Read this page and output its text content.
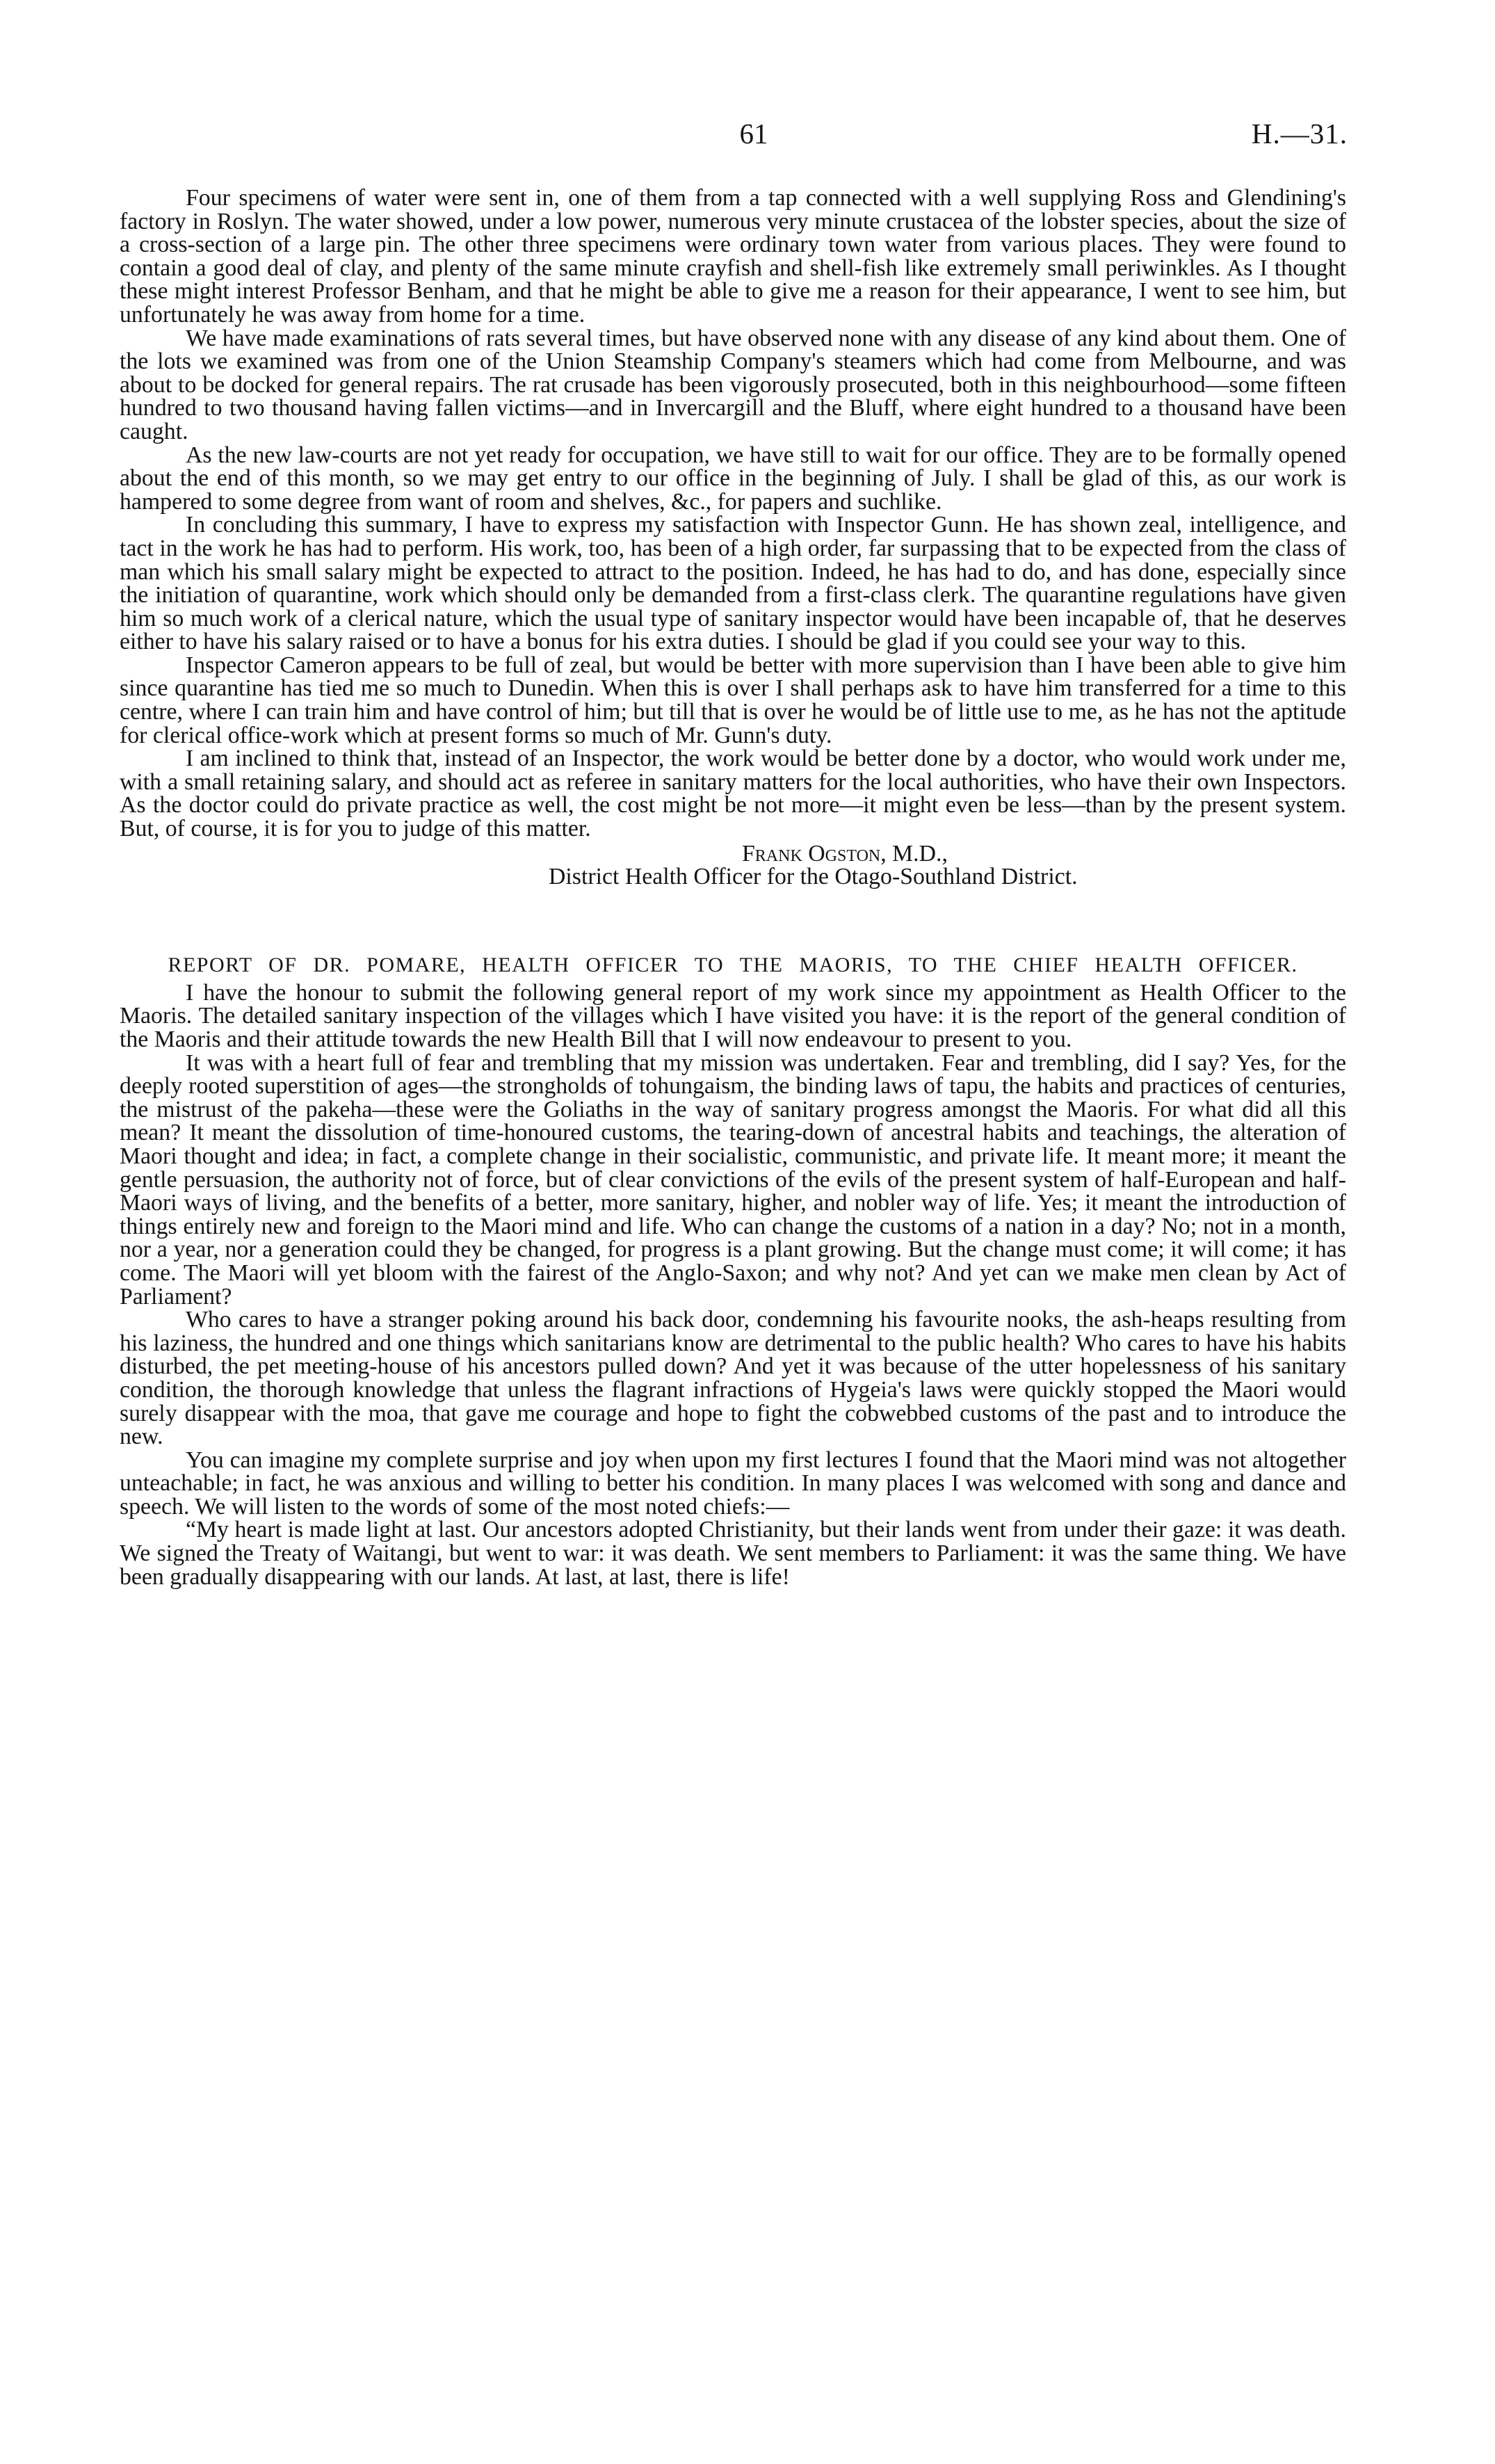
61	H.—31.

Four specimens of water were sent in, one of them from a tap connected with a well supplying Ross and Glendining's factory in Roslyn. The water showed, under a low power, numerous very minute crustacea of the lobster species, about the size of a cross-section of a large pin. The other three specimens were ordinary town water from various places. They were found to contain a good deal of clay, and plenty of the same minute crayfish and shell-fish like extremely small periwinkles. As I thought these might interest Professor Benham, and that he might be able to give me a reason for their appearance, I went to see him, but unfortunately he was away from home for a time.

We have made examinations of rats several times, but have observed none with any disease of any kind about them. One of the lots we examined was from one of the Union Steamship Company's steamers which had come from Melbourne, and was about to be docked for general repairs. The rat crusade has been vigorously prosecuted, both in this neighbourhood—some fifteen hundred to two thousand having fallen victims—and in Invercargill and the Bluff, where eight hundred to a thousand have been caught.

As the new law-courts are not yet ready for occupation, we have still to wait for our office. They are to be formally opened about the end of this month, so we may get entry to our office in the beginning of July. I shall be glad of this, as our work is hampered to some degree from want of room and shelves, &c., for papers and suchlike.

In concluding this summary, I have to express my satisfaction with Inspector Gunn. He has shown zeal, intelligence, and tact in the work he has had to perform. His work, too, has been of a high order, far surpassing that to be expected from the class of man which his small salary might be expected to attract to the position. Indeed, he has had to do, and has done, especially since the initiation of quarantine, work which should only be demanded from a first-class clerk. The quarantine regulations have given him so much work of a clerical nature, which the usual type of sanitary inspector would have been incapable of, that he deserves either to have his salary raised or to have a bonus for his extra duties. I should be glad if you could see your way to this.

Inspector Cameron appears to be full of zeal, but would be better with more supervision than I have been able to give him since quarantine has tied me so much to Dunedin. When this is over I shall perhaps ask to have him transferred for a time to this centre, where I can train him and have control of him; but till that is over he would be of little use to me, as he has not the aptitude for clerical office-work which at present forms so much of Mr. Gunn's duty.

I am inclined to think that, instead of an Inspector, the work would be better done by a doctor, who would work under me, with a small retaining salary, and should act as referee in sanitary matters for the local authorities, who have their own Inspectors. As the doctor could do private practice as well, the cost might be not more—it might even be less—than by the present system. But, of course, it is for you to judge of this matter.

Frank Ogston, M.D.,
District Health Officer for the Otago-Southland District.
REPORT OF DR. POMARE, HEALTH OFFICER TO THE MAORIS, TO THE CHIEF HEALTH OFFICER.

I have the honour to submit the following general report of my work since my appointment as Health Officer to the Maoris. The detailed sanitary inspection of the villages which I have visited you have: it is the report of the general condition of the Maoris and their attitude towards the new Health Bill that I will now endeavour to present to you.

It was with a heart full of fear and trembling that my mission was undertaken. Fear and trembling, did I say? Yes, for the deeply rooted superstition of ages—the strongholds of tohungaism, the binding laws of tapu, the habits and practices of centuries, the mistrust of the pakeha—these were the Goliaths in the way of sanitary progress amongst the Maoris. For what did all this mean? It meant the dissolution of time-honoured customs, the tearing-down of ancestral habits and teachings, the alteration of Maori thought and idea; in fact, a complete change in their socialistic, communistic, and private life. It meant more; it meant the gentle persuasion, the authority not of force, but of clear convictions of the evils of the present system of half-European and half-Maori ways of living, and the benefits of a better, more sanitary, higher, and nobler way of life. Yes; it meant the introduction of things entirely new and foreign to the Maori mind and life. Who can change the customs of a nation in a day? No; not in a month, nor a year, nor a generation could they be changed, for progress is a plant growing. But the change must come; it will come; it has come. The Maori will yet bloom with the fairest of the Anglo-Saxon; and why not? And yet can we make men clean by Act of Parliament?

Who cares to have a stranger poking around his back door, condemning his favourite nooks, the ash-heaps resulting from his laziness, the hundred and one things which sanitarians know are detrimental to the public health? Who cares to have his habits disturbed, the pet meeting-house of his ancestors pulled down? And yet it was because of the utter hopelessness of his sanitary condition, the thorough knowledge that unless the flagrant infractions of Hygeia's laws were quickly stopped the Maori would surely disappear with the moa, that gave me courage and hope to fight the cobwebbed customs of the past and to introduce the new.

You can imagine my complete surprise and joy when upon my first lectures I found that the Maori mind was not altogether unteachable; in fact, he was anxious and willing to better his condition. In many places I was welcomed with song and dance and speech. We will listen to the words of some of the most noted chiefs:—

“My heart is made light at last. Our ancestors adopted Christianity, but their lands went from under their gaze: it was death. We signed the Treaty of Waitangi, but went to war: it was death. We sent members to Parliament: it was the same thing. We have been gradually disappearing with our lands. At last, at last, there is life!
